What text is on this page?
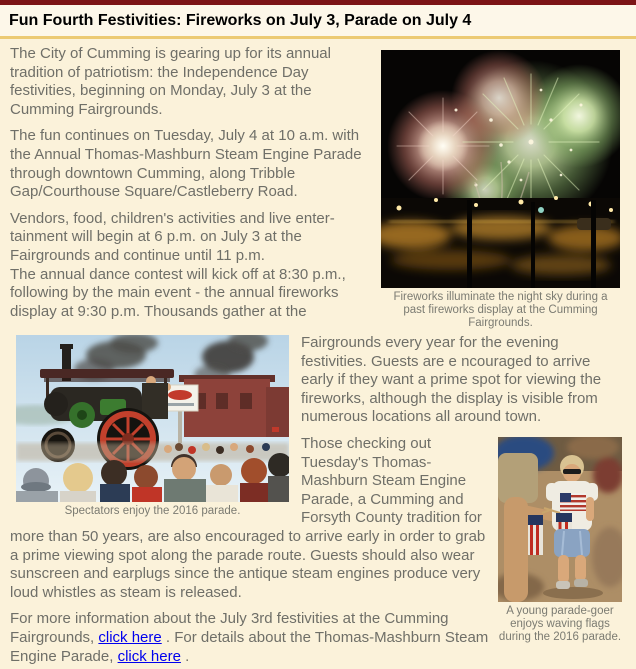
Fun Fourth Festivities: Fireworks on July 3, Parade on July 4
Fireworks illuminate the night sky during a past fireworks display at the Cumming Fairgrounds.

The City of Cumming is gearing up for its annual tradition of patriotism: the Independence Day festivities, beginning on Monday, July 3 at the Cumming Fairgrounds.

The fun continues on Tuesday, July 4 at 10 a.m. with the Annual Thomas-Mashburn Steam Engine Parade through downtown Cumming, along Tribble Gap/Courthouse Square/Castleberry Road.

Vendors, food, children's activities and live enter-tainment will begin at 6 p.m. on July 3 at the Fairgrounds and continue until 11 p.m.

The annual dance contest will kick off at 8:30 p.m., following by the main event - the annual fireworks display at 9:30 p.m. Thousands gather at the

Spectators enjoy the 2016 parade.

Fairgrounds every year for the evening festivities. Guests are e ncouraged to arrive early if they want a prime spot for viewing the fireworks, although the display is visible from numerous locations all around town.

A young parade-goer enjoys waving flags during the 2016 parade.

Those checking out Tuesday's Thomas-Mashburn Steam Engine Parade, a Cumming and Forsyth County tradition for more than 50 years, are also encouraged to arrive early in order to grab a prime viewing spot along the parade route. Guests should also wear sunscreen and earplugs since the antique steam engines produce very loud whistles as steam is released.

For more information about the July 3rd festivities at the Cumming Fairgrounds, click here . For details about the Thomas-Mashburn Steam Engine Parade, click here .
